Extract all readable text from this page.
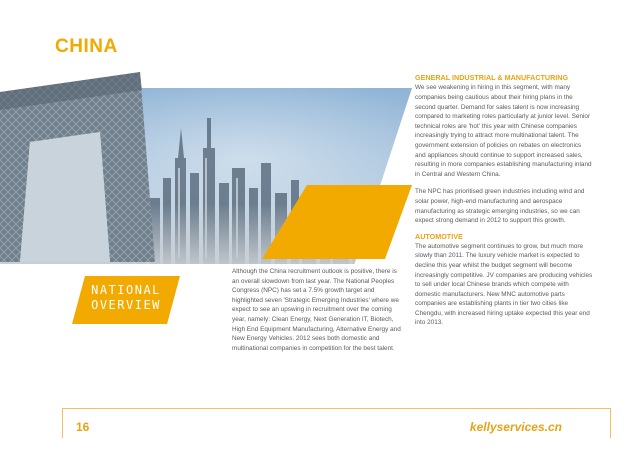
CHINA
NATIONAL
OVERVIEW

Although the China recruitment outlook is positive, there is an overall slowdown from last year. The National Peoples Congress (NPC) has set a 7.5% growth target and highlighted seven 'Strategic Emerging Industries' where we expect to see an upswing in recruitment over the coming year, namely: Clean Energy, Next Generation IT, Biotech, High End Equipment Manufacturing, Alternative Energy and New Energy Vehicles. 2012 sees both domestic and multinational companies in competition for the best talent.

GENERAL INDUSTRIAL & MANUFACTURING

We see weakening in hiring in this segment, with many companies being cautious about their hiring plans in the second quarter. Demand for sales talent is now increasing compared to marketing roles particularly at junior level. Senior technical roles are 'hot' this year with Chinese companies increasingly trying to attract more multinational talent. The government extension of policies on rebates on electronics and appliances should continue to support increased sales, resulting in more companies establishing manufacturing inland in Central and Western China.

The NPC has prioritised green industries including wind and solar power, high-end manufacturing and aerospace manufacturing as strategic emerging industries, so we can expect strong demand in 2012 to support this growth.

AUTOMOTIVE

The automotive segment continues to grow, but much more slowly than 2011. The luxury vehicle market is expected to decline this year whilst the budget segment will become increasingly competitive. JV companies are producing vehicles to sell under local Chinese brands which compete with domestic manufacturers. New MNC automotive parts companies are establishing plants in tier two cities like Chengdu, with increased hiring uptake expected this year end into 2013.

16	kellyservices.cn
